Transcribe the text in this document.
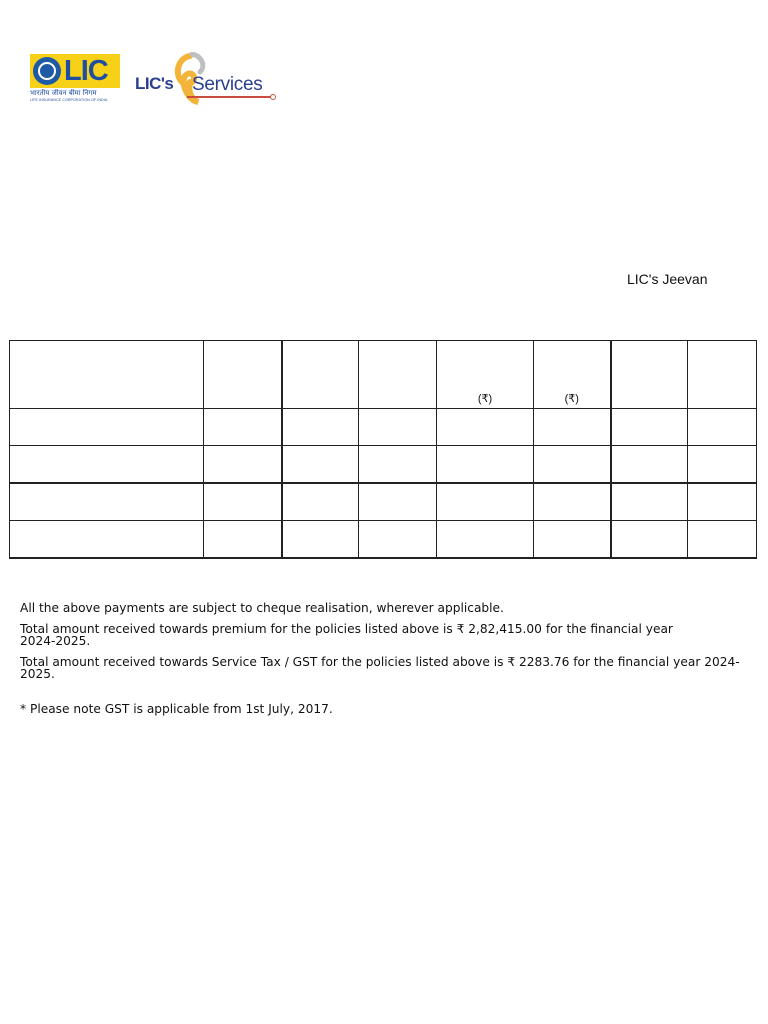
LIC
भारतीय जीवन बीमा निगम
LIFE INSURANCE CORPORATION OF INDIA
LIC's Services
LIC's Jeevan
				(₹)	(₹)		

All the above payments are subject to cheque realisation, wherever applicable.

Total amount received towards premium for the policies listed above is ₹ 2,82,415.00 for the financial year 2024-2025.

Total amount received towards Service Tax / GST for the policies listed above is ₹ 2283.76 for the financial year 2024-2025.

* Please note GST is applicable from 1st July, 2017.
